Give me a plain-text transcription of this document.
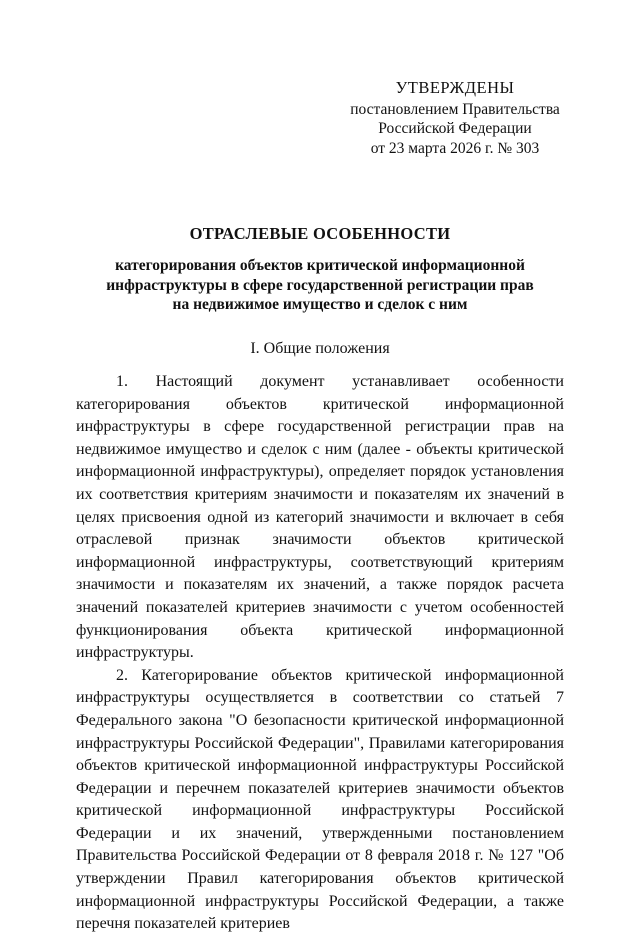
УТВЕРЖДЕНЫ
постановлением Правительства
Российской Федерации
от 23 марта 2026 г. № 303
ОТРАСЛЕВЫЕ ОСОБЕННОСТИ
категорирования объектов критической информационной
инфраструктуры в сфере государственной регистрации прав
на недвижимое имущество и сделок с ним
I. Общие положения

1. Настоящий документ устанавливает особенности категорирования объектов критической информационной инфраструктуры в сфере государственной регистрации прав на недвижимое имущество и сделок с ним (далее - объекты критической информационной инфраструктуры), определяет порядок установления их соответствия критериям значимости и показателям их значений в целях присвоения одной из категорий значимости и включает в себя отраслевой признак значимости объектов критической информационной инфраструктуры, соответствующий критериям значимости и показателям их значений, а также порядок расчета значений показателей критериев значимости с учетом особенностей функционирования объекта критической информационной инфраструктуры.

2. Категорирование объектов критической информационной инфраструктуры осуществляется в соответствии со статьей 7 Федерального закона "О безопасности критической информационной инфраструктуры Российской Федерации", Правилами категорирования объектов критической информационной инфраструктуры Российской Федерации и перечнем показателей критериев значимости объектов критической информационной инфраструктуры Российской Федерации и их значений, утвержденными постановлением Правительства Российской Федерации от 8 февраля 2018 г. № 127 "Об утверждении Правил категорирования объектов критической информационной инфраструктуры Российской Федерации, а также перечня показателей критериев
